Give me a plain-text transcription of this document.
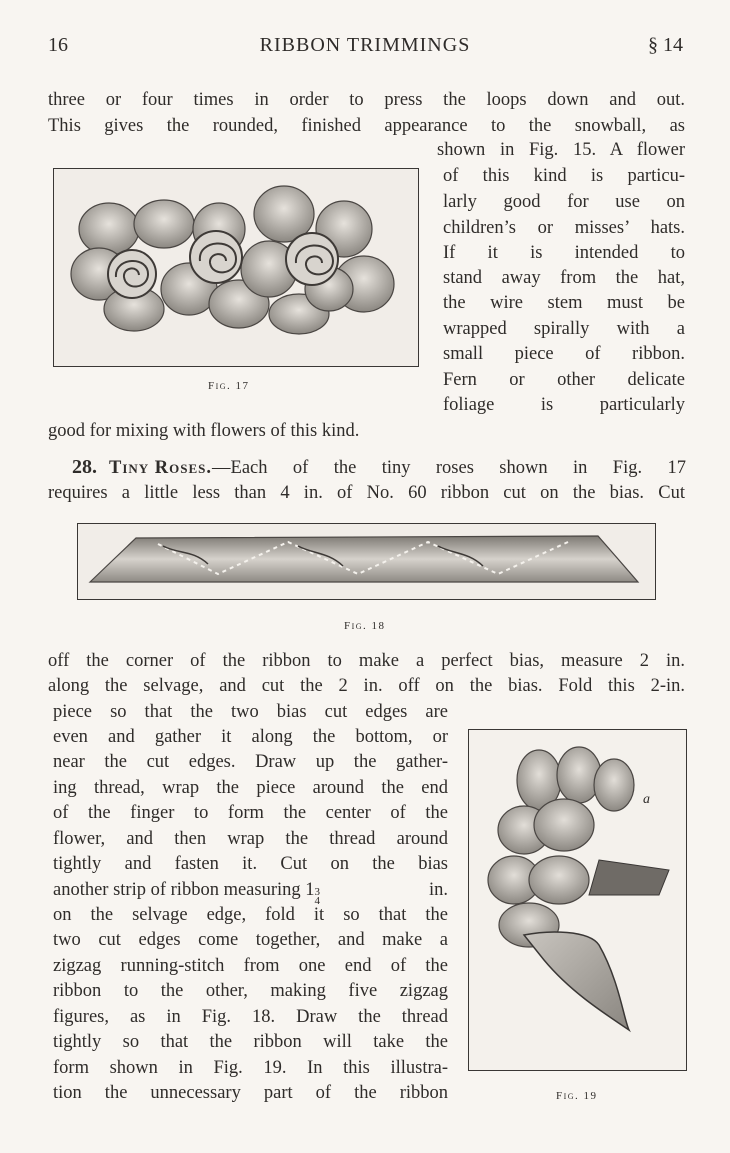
16	RIBBON TRIMMINGS	§ 14
three or four times in order to press the loops down and out.
This gives the rounded, finished appearance to the snowball, as
Fig. 17
shown in Fig. 15. A flower
of this kind is particu-
larly good for use on
children’s or misses’ hats.
If it is intended to
stand away from the hat,
the wire stem must be
wrapped spirally with a
small piece of ribbon.
Fern or other delicate
foliage is particularly
good for mixing with flowers of this kind.
28. Tiny Roses. —Each of the tiny roses shown in Fig. 17
requires a little less than 4 in. of No. 60 ribbon cut on the bias. Cut
Fig. 18
off the corner of the ribbon to make a perfect bias, measure 2 in.
along the selvage, and cut the 2 in. off on the bias. Fold this 2-in.
piece so that the two bias cut edges are
even and gather it along the bottom, or
near the cut edges. Draw up the gather-
ing thread, wrap the piece around the end
of the finger to form the center of the
flower, and then wrap the thread around
tightly and fasten it. Cut on the bias
another strip of ribbon measuring 1 3
4
in.
on the selvage edge, fold it so that the
two cut edges come together, and make a
zigzag running-stitch from one end of the
ribbon to the other, making five zigzag
figures, as in Fig. 18. Draw the thread
tightly so that the ribbon will take the
form shown in Fig. 19. In this illustra-
tion the unnecessary part of the ribbon
a
Fig. 19
